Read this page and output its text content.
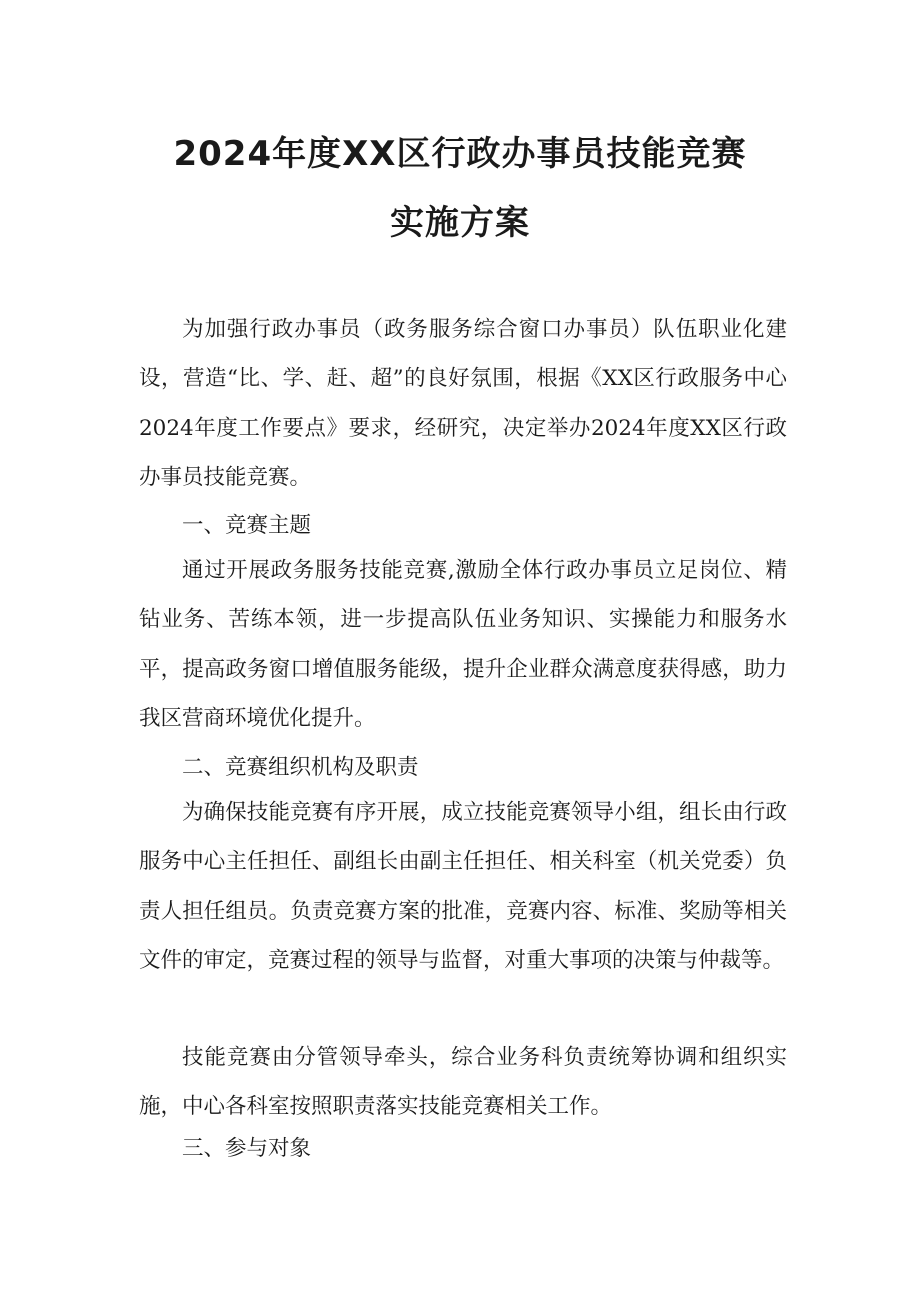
2024年度XX区行政办事员技能竞赛
实施方案

为加强行政办事员（政务服务综合窗口办事员）队伍职业化建设，营造“比、学、赶、超”的良好氛围，根据《XX区行政服务中心2024年度工作要点》要求，经研究，决定举办2024年度XX区行政办事员技能竞赛。

一、竞赛主题

通过开展政务服务技能竞赛,激励全体行政办事员立足岗位、精钻业务、苦练本领，进一步提高队伍业务知识、实操能力和服务水平，提高政务窗口增值服务能级，提升企业群众满意度获得感，助力我区营商环境优化提升。

二、竞赛组织机构及职责

为确保技能竞赛有序开展，成立技能竞赛领导小组，组长由行政服务中心主任担任、副组长由副主任担任、相关科室（机关党委）负责人担任组员。负责竞赛方案的批准，竞赛内容、标准、奖励等相关文件的审定，竞赛过程的领导与监督，对重大事项的决策与仲裁等。

技能竞赛由分管领导牵头，综合业务科负责统筹协调和组织实施，中心各科室按照职责落实技能竞赛相关工作。

三、参与对象
